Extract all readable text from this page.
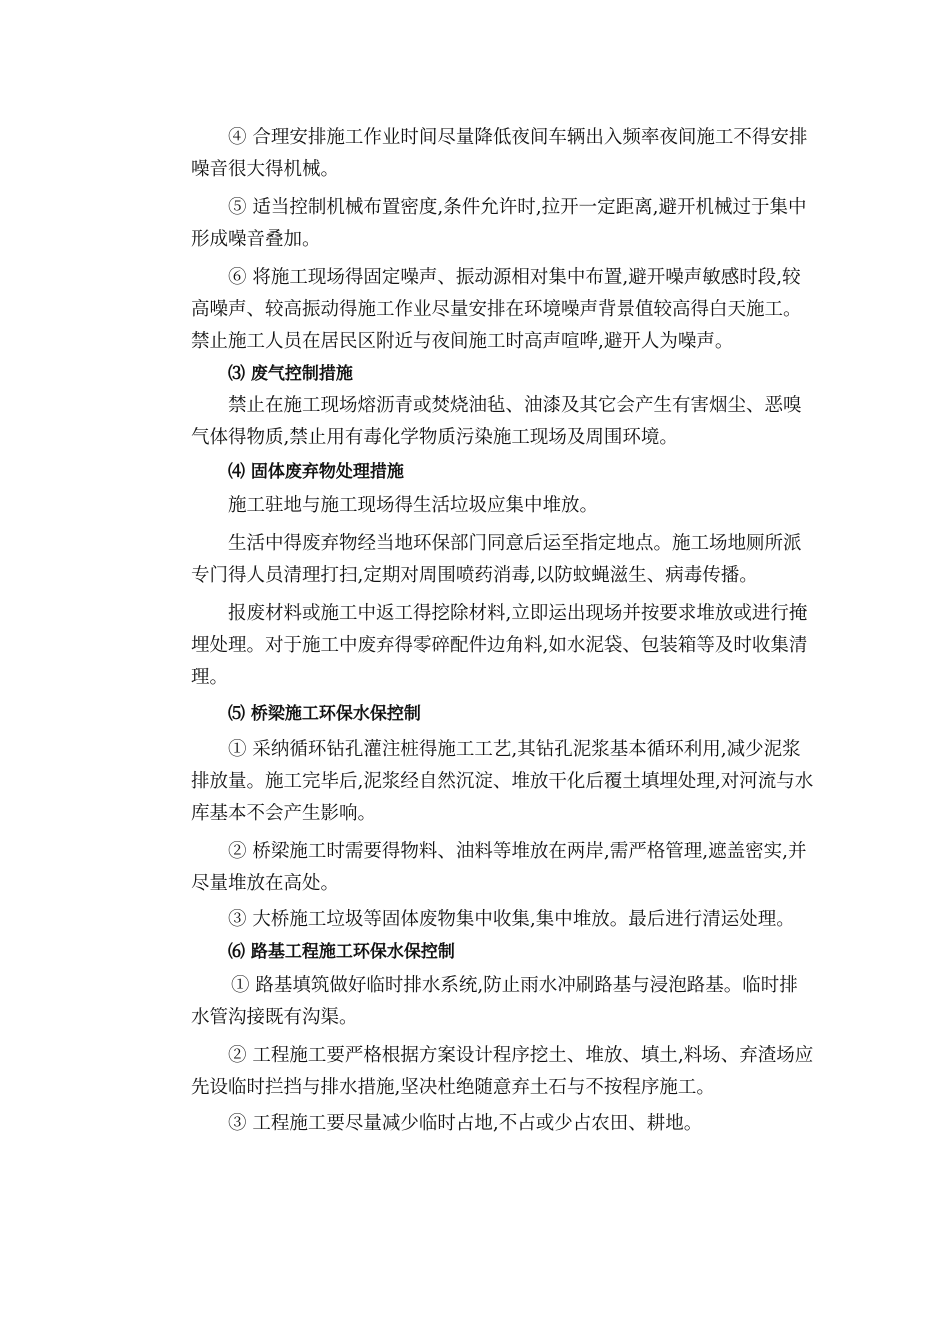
④ 合理安排施工作业时间尽量降低夜间车辆出入频率夜间施工不得安排噪音很大得机械。

⑤ 适当控制机械布置密度,条件允许时,拉开一定距离,避开机械过于集中形成噪音叠加。

⑥ 将施工现场得固定噪声、振动源相对集中布置,避开噪声敏感时段,较高噪声、较高振动得施工作业尽量安排在环境噪声背景值较高得白天施工。禁止施工人员在居民区附近与夜间施工时高声喧哗,避开人为噪声。

⑶ 废气控制措施

禁止在施工现场熔沥青或焚烧油毡、油漆及其它会产生有害烟尘、恶嗅气体得物质,禁止用有毒化学物质污染施工现场及周围环境。

⑷ 固体废弃物处理措施

施工驻地与施工现场得生活垃圾应集中堆放。

生活中得废弃物经当地环保部门同意后运至指定地点。施工场地厕所派专门得人员清理打扫,定期对周围喷药消毒,以防蚊蝇滋生、病毒传播。

报废材料或施工中返工得挖除材料,立即运出现场并按要求堆放或进行掩埋处理。对于施工中废弃得零碎配件边角料,如水泥袋、包装箱等及时收集清理。

⑸ 桥梁施工环保水保控制

① 采纳循环钻孔灌注桩得施工工艺,其钻孔泥浆基本循环利用,减少泥浆排放量。施工完毕后,泥浆经自然沉淀、堆放干化后覆土填埋处理,对河流与水库基本不会产生影响。

② 桥梁施工时需要得物料、油料等堆放在两岸,需严格管理,遮盖密实,并尽量堆放在高处。

③ 大桥施工垃圾等固体废物集中收集,集中堆放。最后进行清运处理。

⑹ 路基工程施工环保水保控制

① 路基填筑做好临时排水系统,防止雨水冲刷路基与浸泡路基。临时排水管沟接既有沟渠。

② 工程施工要严格根据方案设计程序挖土、堆放、填土,料场、弃渣场应先设临时拦挡与排水措施,坚决杜绝随意弃土石与不按程序施工。

③ 工程施工要尽量减少临时占地,不占或少占农田、耕地。
